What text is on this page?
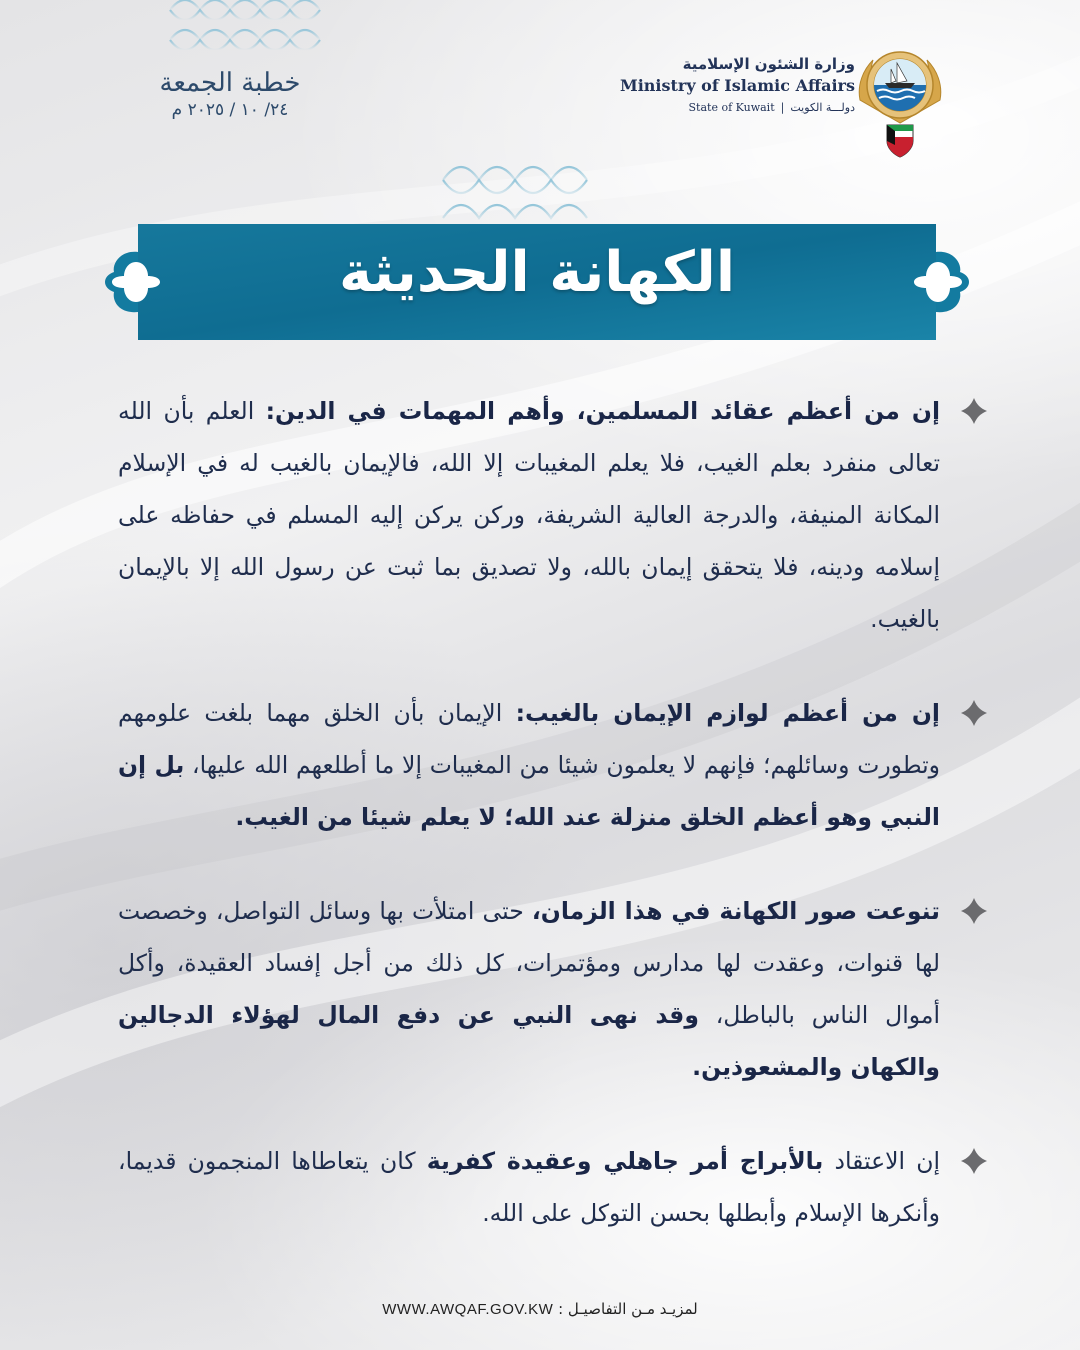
وزارة الشئون الإسلامية
Ministry of Islamic Affairs
State of Kuwait | دولـــة الكويت
خطبة الجمعة
٢٤/ ١٠ / ٢٠٢٥ م
الكهانة الحديثة
إن من أعظم عقائد المسلمين، وأهم المهمات في الدين: العلم بأن الله تعالى منفرد بعلم الغيب، فلا يعلم المغيبات إلا الله، فالإيمان بالغيب له في الإسلام المكانة المنيفة، والدرجة العالية الشريفة، وركن يركن إليه المسلم في حفاظه على إسلامه ودينه، فلا يتحقق إيمان بالله، ولا تصديق بما ثبت عن رسول الله إلا بالإيمان بالغيب.
إن من أعظم لوازم الإيمان بالغيب: الإيمان بأن الخلق مهما بلغت علومهم وتطورت وسائلهم؛ فإنهم لا يعلمون شيئا من المغيبات إلا ما أطلعهم الله عليها، بل إن النبي وهو أعظم الخلق منزلة عند الله؛ لا يعلم شيئا من الغيب.
تنوعت صور الكهانة في هذا الزمان، حتى امتلأت بها وسائل التواصل، وخصصت لها قنوات، وعقدت لها مدارس ومؤتمرات، كل ذلك من أجل إفساد العقيدة، وأكل أموال الناس بالباطل، وقد نهى النبي عن دفع المال لهؤلاء الدجالين والكهان والمشعوذين.
إن الاعتقاد بالأبراج أمر جاهلي وعقيدة كفرية كان يتعاطاها المنجمون قديما، وأنكرها الإسلام وأبطلها بحسن التوكل على الله.
لمزيـد مـن التفاصيـل : WWW.AWQAF.GOV.KW
